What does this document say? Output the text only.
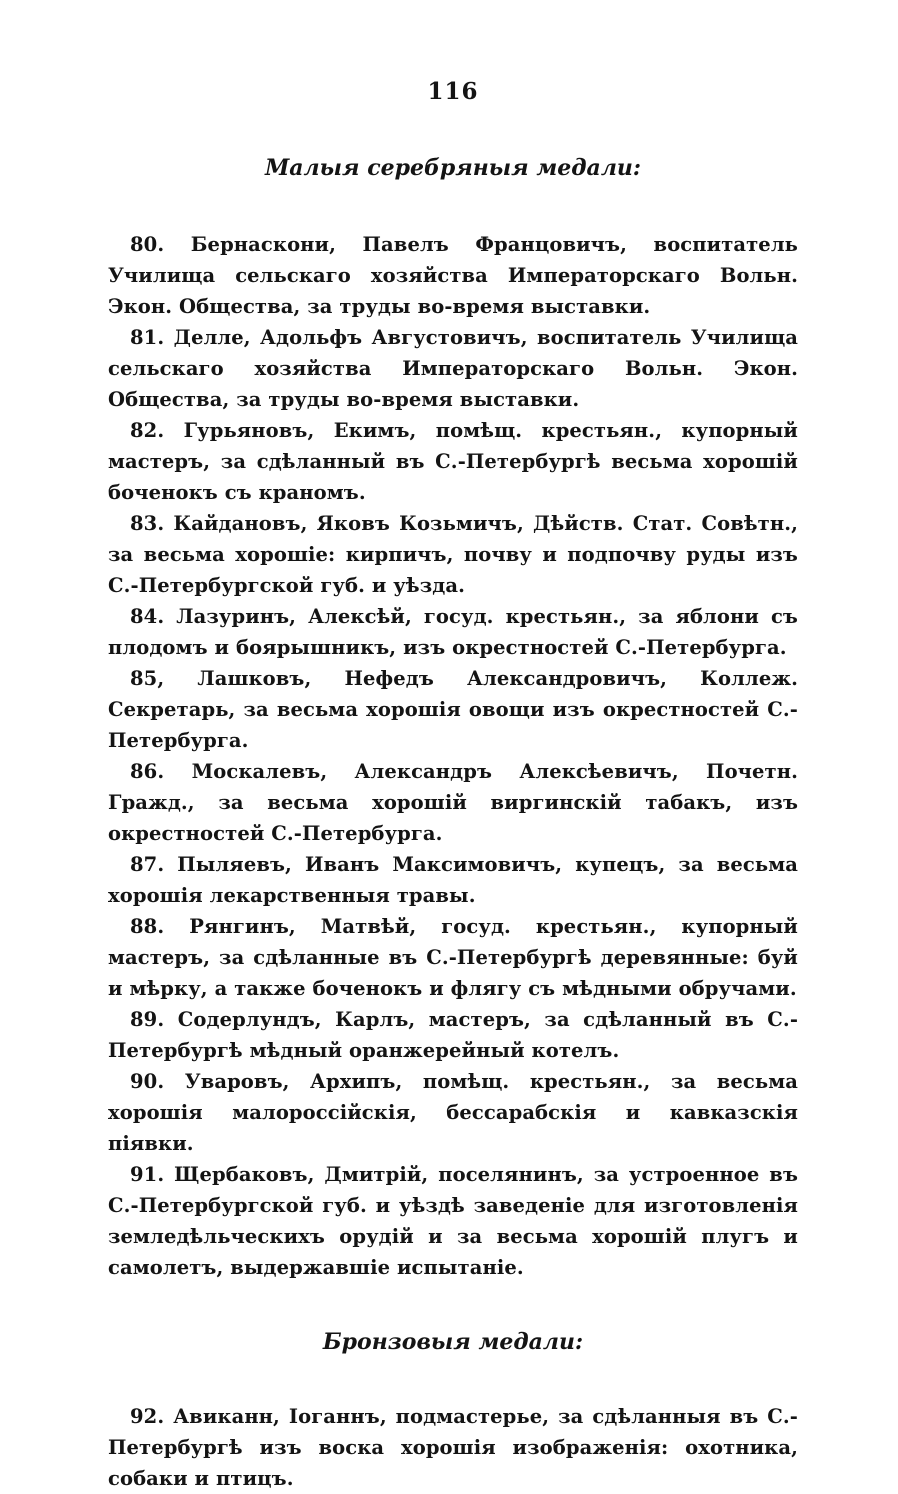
116
Малыя серебряныя медали:

80. Бернаскони, Павелъ Францовичъ, воспитатель Училища сельскаго хозяйства Императорскаго Вольн. Экон. Общества, за труды во-время выставки.

81. Делле, Адольфъ Августовичъ, воспитатель Училища сельскаго хозяйства Императорскаго Вольн. Экон. Общества, за труды во-время выставки.

82. Гурьяновъ, Екимъ, помѣщ. крестьян., купорный мастеръ, за сдѣланный въ С.-Петербургѣ весьма хорошій боченокъ съ краномъ.

83. Кайдановъ, Яковъ Козьмичъ, Дѣйств. Стат. Совѣтн., за весьма хорошіе: кирпичъ, почву и подпочву руды изъ С.-Петербургской губ. и уѣзда.

84. Лазуринъ, Алексѣй, госуд. крестьян., за яблони съ плодомъ и боярышникъ, изъ окрестностей С.-Петербурга.

85, Лашковъ, Нефедъ Александровичъ, Коллеж. Секретарь, за весьма хорошія овощи изъ окрестностей С.-Петербурга.

86. Москалевъ, Александръ Алексѣевичъ, Почетн. Гражд., за весьма хорошій виргинскій табакъ, изъ окрестностей С.-Петербурга.

87. Пыляевъ, Иванъ Максимовичъ, купецъ, за весьма хорошія лекарственныя травы.

88. Рянгинъ, Матвѣй, госуд. крестьян., купорный мастеръ, за сдѣланные въ С.-Петербургѣ деревянные: буй и мѣрку, а также боченокъ и флягу съ мѣдными обручами.

89. Содерлундъ, Карлъ, мастеръ, за сдѣланный въ С.-Петербургѣ мѣдный оранжерейный котелъ.

90. Уваровъ, Архипъ, помѣщ. крестьян., за весьма хорошія малороссійскія, бессарабскія и кавказскія піявки.

91. Щербаковъ, Дмитрій, поселянинъ, за устроенное въ С.-Петербургской губ. и уѣздѣ заведеніе для изготовленія земледѣльческихъ орудій и за весьма хорошій плугъ и самолетъ, выдержавшіе испытаніе.

Бронзовыя медали:

92. Авиканн, Іоганнъ, подмастерье, за сдѣланныя въ С.-Петербургѣ изъ воска хорошія изображенія: охотника, собаки и птицъ.
